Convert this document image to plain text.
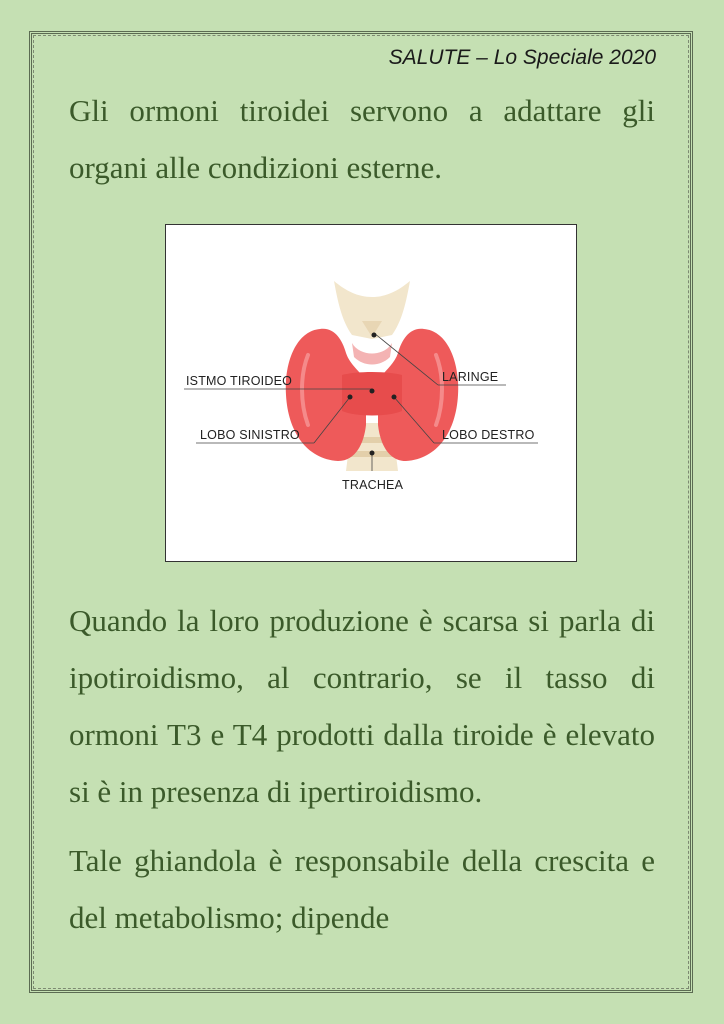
SALUTE – Lo Speciale 2020
Gli ormoni tiroidei servono a adattare gli organi alle condizioni esterne.
ISTMO TIROIDEO	LARINGE
LOBO SINISTRO	LOBO DESTRO
TRACHEA
Quando la loro produzione è scarsa si parla di ipotiroidismo, al contrario, se il tasso di ormoni T3 e T4 prodotti dalla tiroide è elevato si è in presenza di ipertiroidismo.
Tale ghiandola è responsabile della crescita e del metabolismo; dipende
